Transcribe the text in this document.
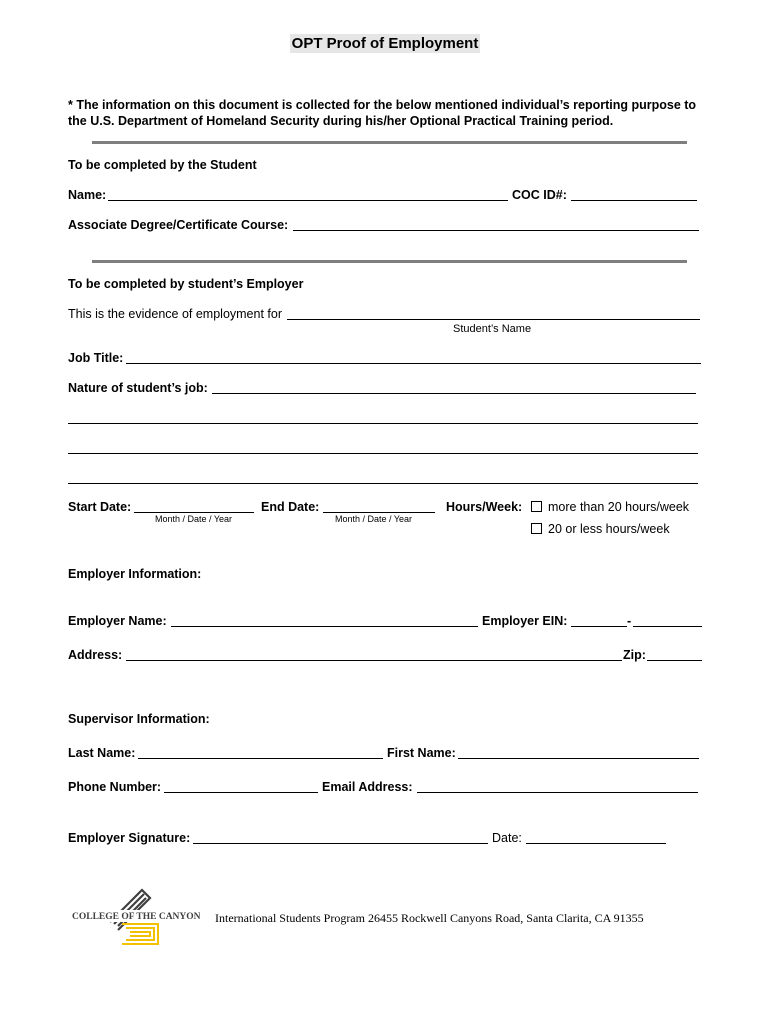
OPT Proof of Employment
* The information on this document is collected for the below mentioned individual’s reporting purpose to
the U.S. Department of Homeland Security during his/her Optional Practical Training period.
To be completed by the Student
Name:	COC ID#:
Associate Degree/Certificate Course:
To be completed by student’s Employer
This is the evidence of employment for
Student’s Name
Job Title:
Nature of student’s job:
Start Date:
Month / Date / Year
End Date:
Month / Date / Year
Hours/Week:	more than 20 hours/week
20 or less hours/week
Employer Information:
Employer Name:	Employer EIN:	-
Address:	Zip:
Supervisor Information:
Last Name:	First Name:
Phone Number:	Email Address:
Employer Signature:	Date:
COLLEGE OF THE CANYONS International Students Program 26455 Rockwell Canyons Road, Santa Clarita, CA 91355
